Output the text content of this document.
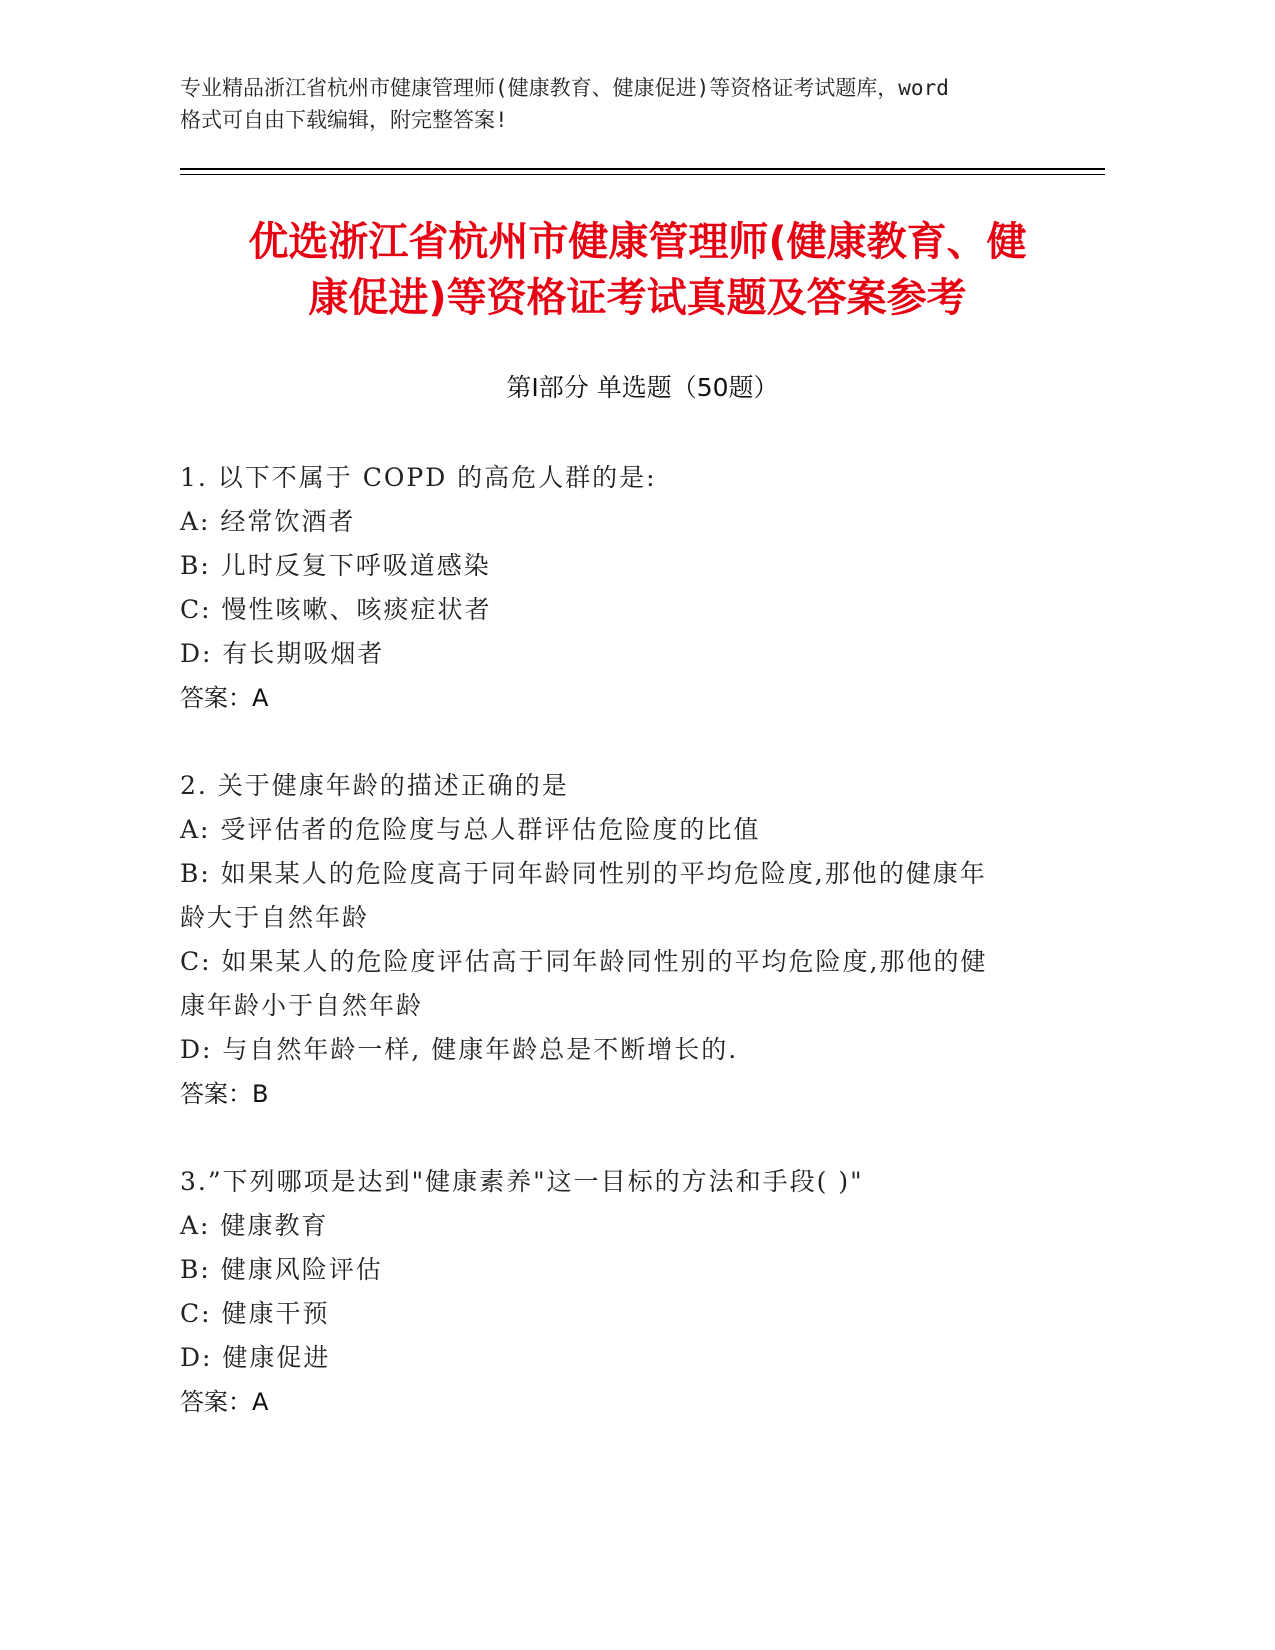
专业精品浙江省杭州市健康管理师(健康教育、健康促进)等资格证考试题库，word
格式可自由下载编辑，附完整答案!
优选浙江省杭州市健康管理师(健康教育、健
康促进)等资格证考试真题及答案参考
第Ⅰ部分 单选题（50题）
1. 以下不属于 COPD 的高危人群的是:
A: 经常饮酒者
B: 儿时反复下呼吸道感染
C: 慢性咳嗽、咳痰症状者
D: 有长期吸烟者
答案：A
2. 关于健康年龄的描述正确的是
A: 受评估者的危险度与总人群评估危险度的比值
B: 如果某人的危险度高于同年龄同性别的平均危险度,那他的健康年
龄大于自然年龄
C: 如果某人的危险度评估高于同年龄同性别的平均危险度,那他的健
康年龄小于自然年龄
D: 与自然年龄一样, 健康年龄总是不断增长的.
答案：B
3.”下列哪项是达到"健康素养"这一目标的方法和手段( )"
A: 健康教育
B: 健康风险评估
C: 健康干预
D: 健康促进
答案：A
